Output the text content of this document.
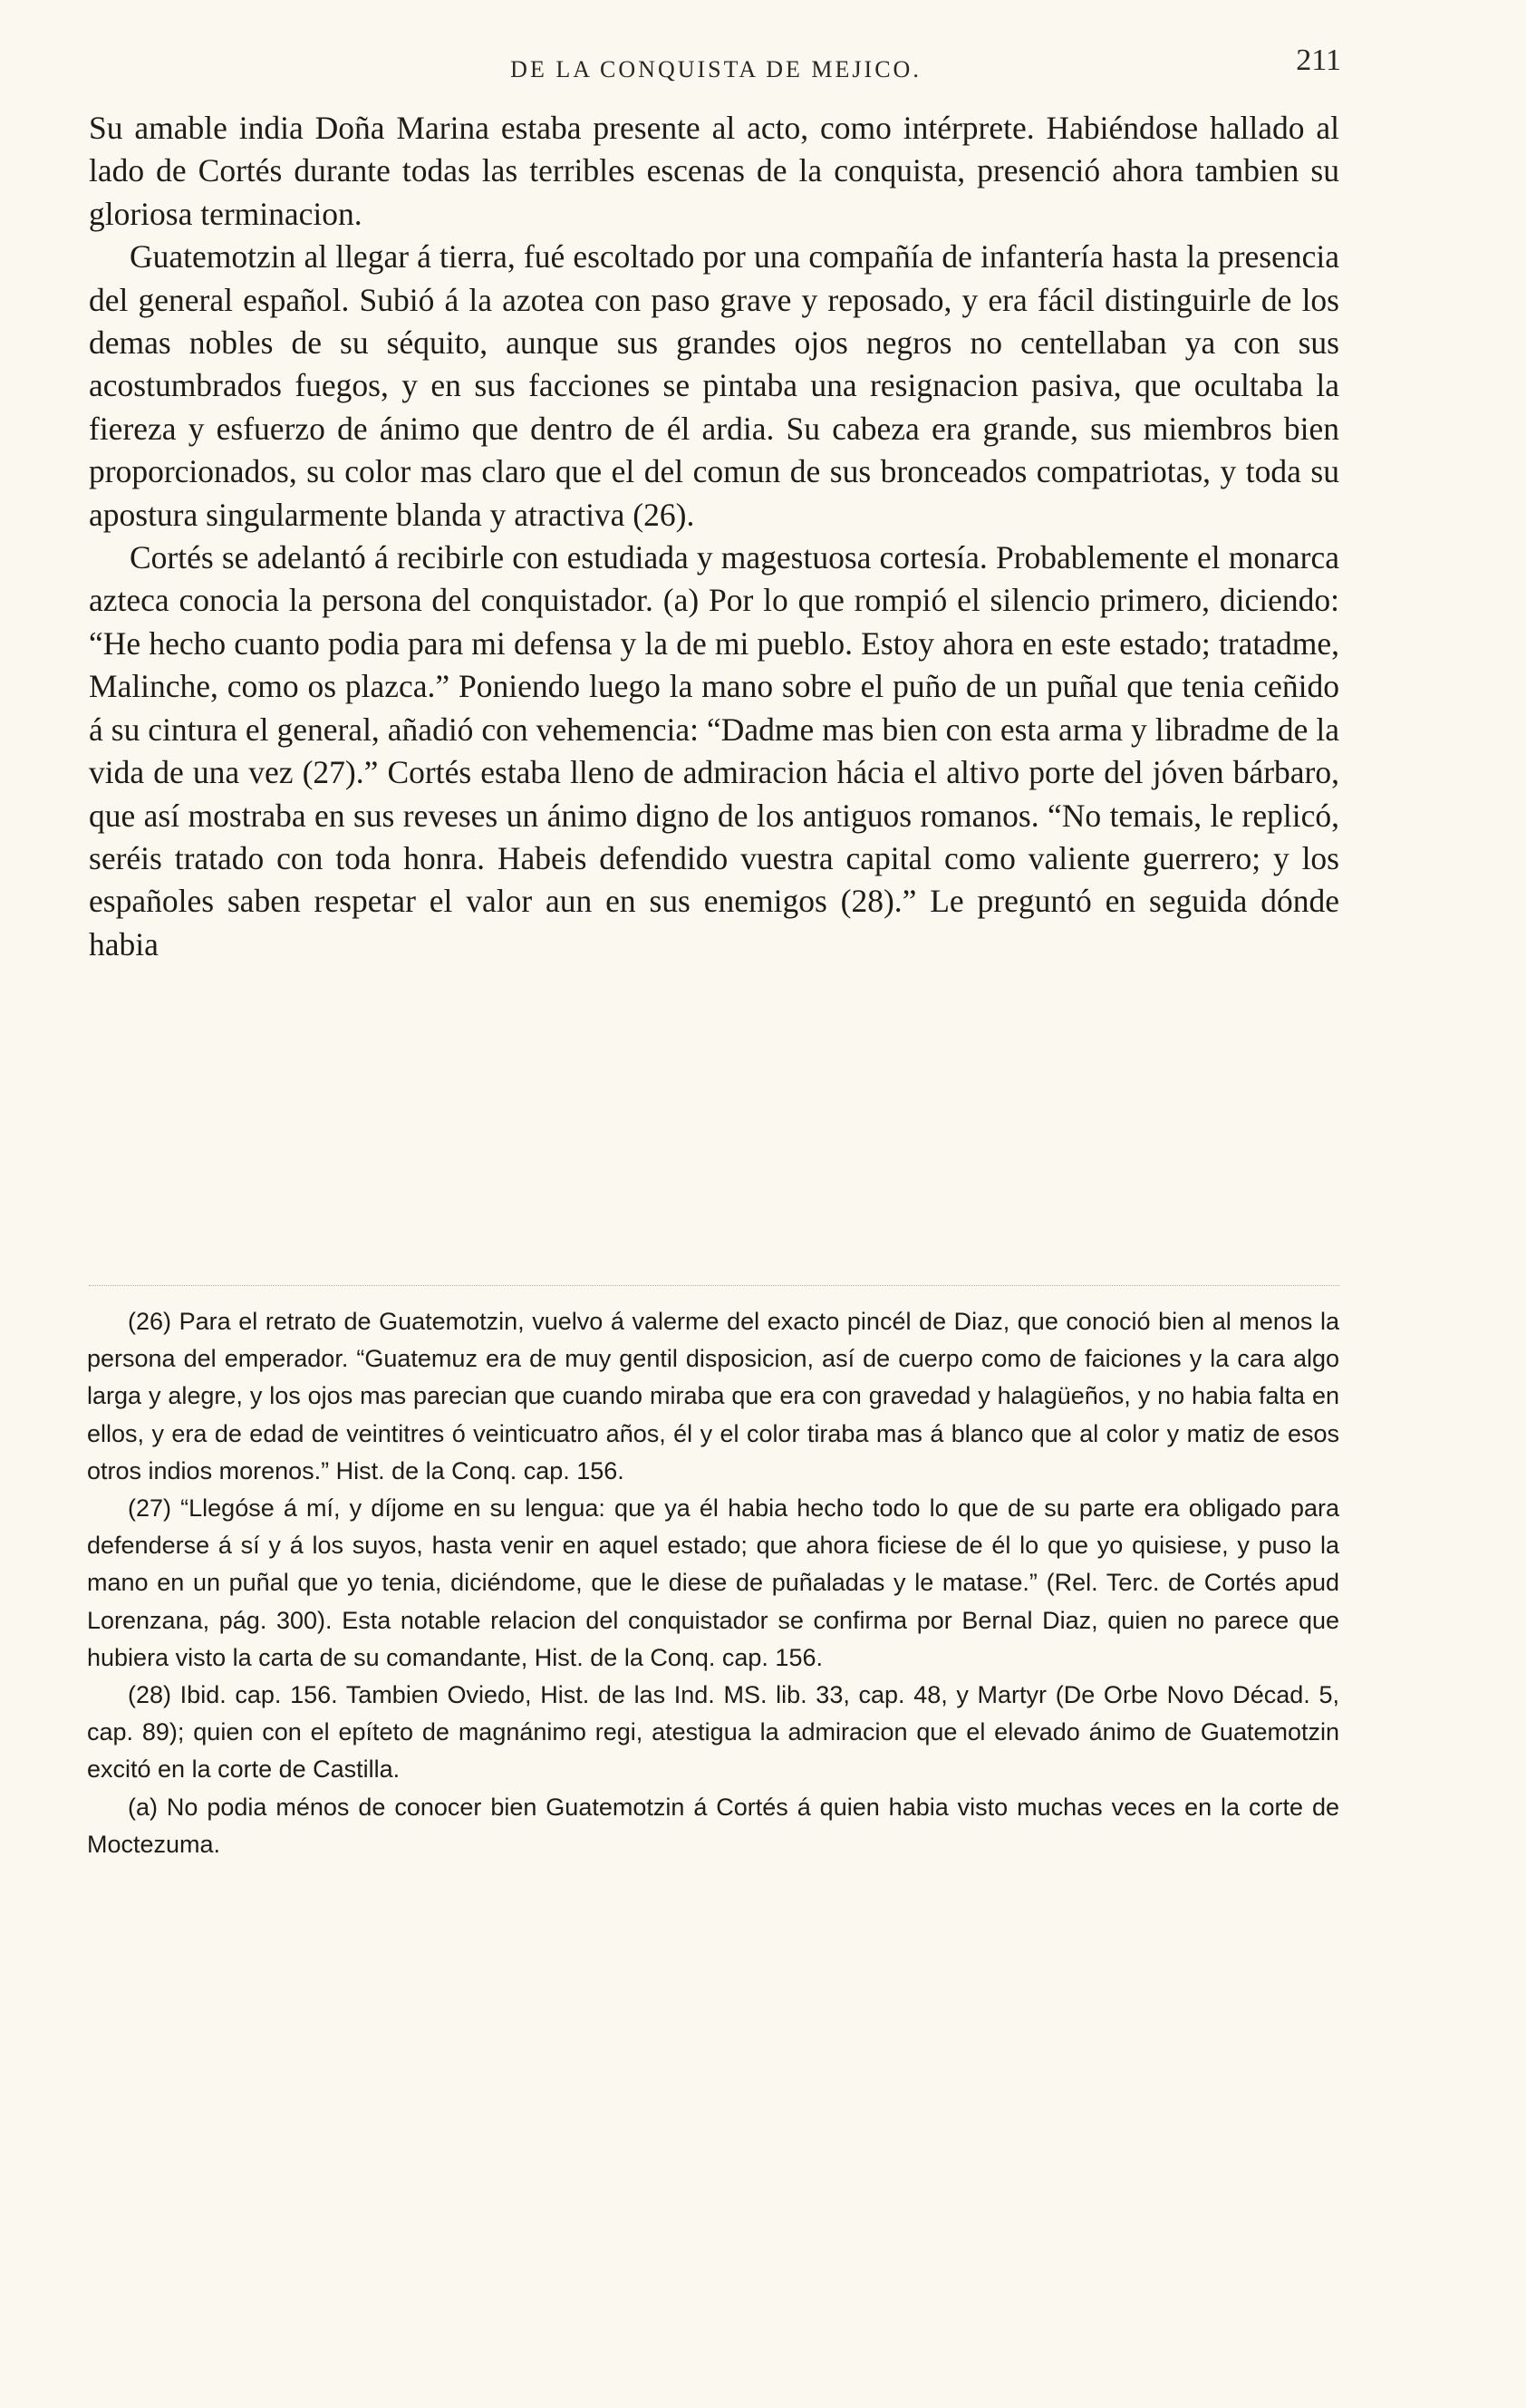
DE LA CONQUISTA DE MEJICO.	211

Su amable india Doña Marina estaba presente al acto, como intérprete. Habiéndose hallado al lado de Cortés durante todas las terribles escenas de la conquista, presenció ahora tambien su gloriosa terminacion.

Guatemotzin al llegar á tierra, fué escoltado por una compañía de infantería hasta la presencia del general español. Subió á la azotea con paso grave y reposado, y era fácil distinguirle de los demas nobles de su séquito, aunque sus grandes ojos negros no centellaban ya con sus acostumbrados fuegos, y en sus facciones se pintaba una resignacion pasiva, que ocultaba la fiereza y esfuerzo de ánimo que dentro de él ardia. Su cabeza era grande, sus miembros bien proporcionados, su color mas claro que el del comun de sus bronceados compatriotas, y toda su apostura singularmente blanda y atractiva (26).

Cortés se adelantó á recibirle con estudiada y magestuosa cortesía. Probablemente el monarca azteca conocia la persona del conquistador. (a) Por lo que rompió el silencio primero, diciendo: “He hecho cuanto podia para mi defensa y la de mi pueblo. Estoy ahora en este estado; tratadme, Malinche, como os plazca.” Poniendo luego la mano sobre el puño de un puñal que tenia ceñido á su cintura el general, añadió con vehemencia: “Dadme mas bien con esta arma y libradme de la vida de una vez (27).” Cortés estaba lleno de admiracion hácia el altivo porte del jóven bárbaro, que así mostraba en sus reveses un ánimo digno de los antiguos romanos. “No temais, le replicó, seréis tratado con toda honra. Habeis defendido vuestra capital como valiente guerrero; y los españoles saben respetar el valor aun en sus enemigos (28).” Le preguntó en seguida dónde habia

(26) Para el retrato de Guatemotzin, vuelvo á valerme del exacto pincél de Diaz, que conoció bien al menos la persona del emperador. “Guatemuz era de muy gentil disposicion, así de cuerpo como de faiciones y la cara algo larga y alegre, y los ojos mas parecian que cuando miraba que era con gravedad y halagüeños, y no habia falta en ellos, y era de edad de veintitres ó veinticuatro años, él y el color tiraba mas á blanco que al color y matiz de esos otros indios morenos.” Hist. de la Conq. cap. 156.

(27) “Llegóse á mí, y díjome en su lengua: que ya él habia hecho todo lo que de su parte era obligado para defenderse á sí y á los suyos, hasta venir en aquel estado; que ahora ficiese de él lo que yo quisiese, y puso la mano en un puñal que yo tenia, diciéndome, que le diese de puñaladas y le matase.” (Rel. Terc. de Cortés apud Lorenzana, pág. 300). Esta notable relacion del conquistador se confirma por Bernal Diaz, quien no parece que hubiera visto la carta de su comandante, Hist. de la Conq. cap. 156.

(28) Ibid. cap. 156. Tambien Oviedo, Hist. de las Ind. MS. lib. 33, cap. 48, y Martyr (De Orbe Novo Décad. 5, cap. 89); quien con el epíteto de magnánimo regi, atestigua la admiracion que el elevado ánimo de Guatemotzin excitó en la corte de Castilla.

(a) No podia ménos de conocer bien Guatemotzin á Cortés á quien habia visto muchas veces en la corte de Moctezuma.
